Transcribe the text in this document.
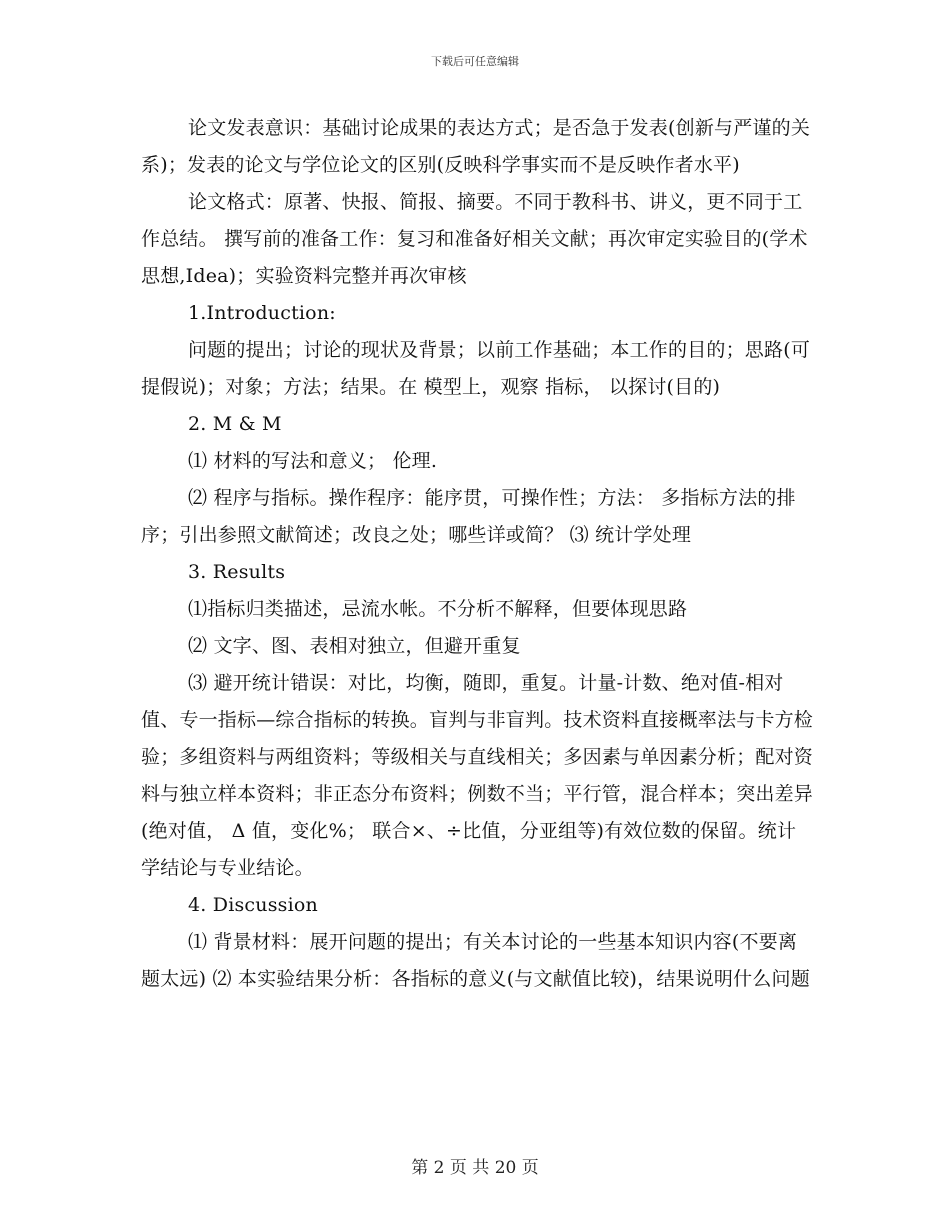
下载后可任意编辑

论文发表意识：基础讨论成果的表达方式；是否急于发表(创新与严谨的关系)；发表的论文与学位论文的区别(反映科学事实而不是反映作者水平)

论文格式：原著、快报、简报、摘要。不同于教科书、讲义，更不同于工作总结。 撰写前的准备工作：复习和准备好相关文献；再次审定实验目的(学术思想,Idea)；实验资料完整并再次审核

1.Introduction:

问题的提出；讨论的现状及背景；以前工作基础；本工作的目的；思路(可提假说)；对象；方法；结果。在 模型上，观察 指标， 以探讨(目的)

2. M & M

⑴ 材料的写法和意义； 伦理.

⑵ 程序与指标。操作程序：能序贯，可操作性；方法： 多指标方法的排序；引出参照文献简述；改良之处；哪些详或简？ ⑶ 统计学处理

3. Results

⑴指标归类描述，忌流水帐。不分析不解释，但要体现思路

⑵ 文字、图、表相对独立，但避开重复

⑶ 避开统计错误：对比，均衡，随即，重复。计量-计数、绝对值-相对值、专一指标—综合指标的转换。盲判与非盲判。技术资料直接概率法与卡方检验；多组资料与两组资料；等级相关与直线相关；多因素与单因素分析；配对资料与独立样本资料；非正态分布资料；例数不当；平行管，混合样本；突出差异(绝对值， Δ 值，变化%； 联合×、÷比值，分亚组等)有效位数的保留。统计学结论与专业结论。

4. Discussion

⑴ 背景材料：展开问题的提出；有关本讨论的一些基本知识内容(不要离题太远) ⑵ 本实验结果分析：各指标的意义(与文献值比较)，结果说明什么问题

第 2 页 共 20 页
